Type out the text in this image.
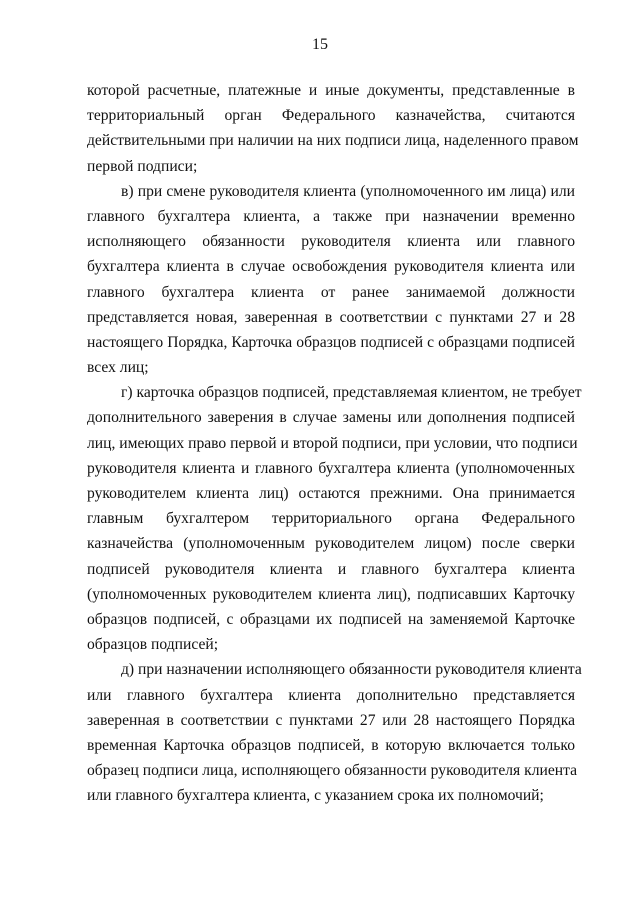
15
которой расчетные, платежные и иные документы, представленные в
территориальный орган Федерального казначейства, считаются
действительными при наличии на них подписи лица, наделенного правом
первой подписи;
в) при смене руководителя клиента (уполномоченного им лица) или
главного бухгалтера клиента, а также при назначении временно
исполняющего обязанности руководителя клиента или главного
бухгалтера клиента в случае освобождения руководителя клиента или
главного бухгалтера клиента от ранее занимаемой должности
представляется новая, заверенная в соответствии с пунктами 27 и 28
настоящего Порядка, Карточка образцов подписей с образцами подписей
всех лиц;
г) карточка образцов подписей, представляемая клиентом, не требует
дополнительного заверения в случае замены или дополнения подписей
лиц, имеющих право первой и второй подписи, при условии, что подписи
руководителя клиента и главного бухгалтера клиента (уполномоченных
руководителем клиента лиц) остаются прежними. Она принимается
главным бухгалтером территориального органа Федерального
казначейства (уполномоченным руководителем лицом) после сверки
подписей руководителя клиента и главного бухгалтера клиента
(уполномоченных руководителем клиента лиц), подписавших Карточку
образцов подписей, с образцами их подписей на заменяемой Карточке
образцов подписей;
д) при назначении исполняющего обязанности руководителя клиента
или главного бухгалтера клиента дополнительно представляется
заверенная в соответствии с пунктами 27 или 28 настоящего Порядка
временная Карточка образцов подписей, в которую включается только
образец подписи лица, исполняющего обязанности руководителя клиента
или главного бухгалтера клиента, с указанием срока их полномочий;
